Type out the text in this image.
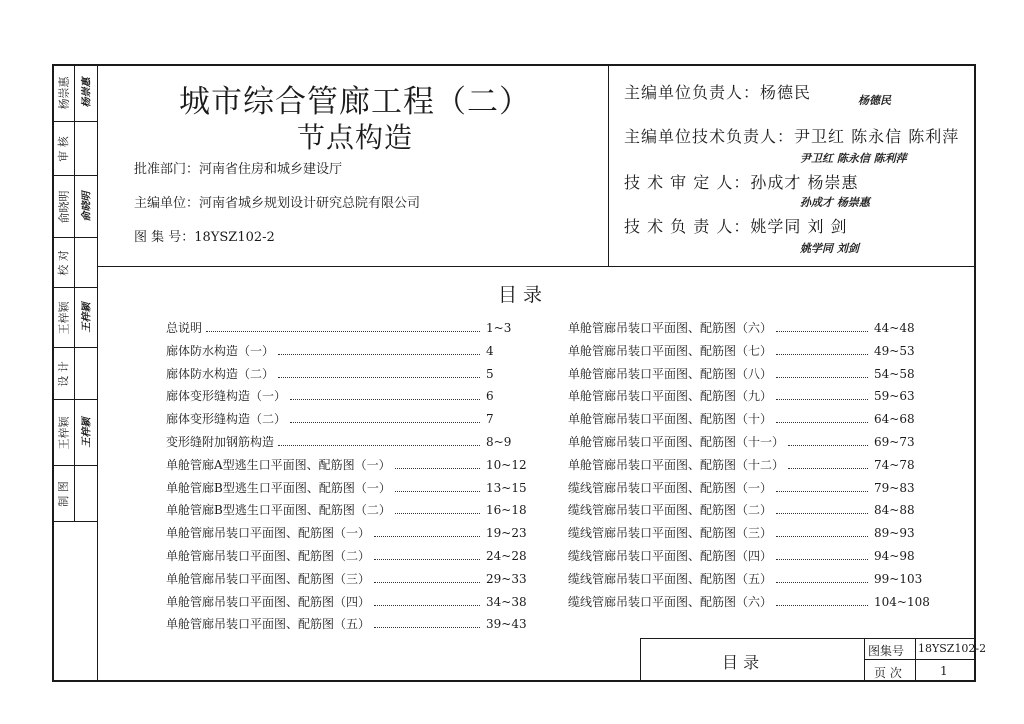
杨崇惠	杨崇惠
审 核
俞晓明	俞晓明
校 对
王梓颖	王梓颖
设 计
王梓颖	王梓颖
制 图
城市综合管廊工程（二）
节点构造
批准部门：河南省住房和城乡建设厅
主编单位：河南省城乡规划设计研究总院有限公司
图 集 号：18YSZ102-2
主编单位负责人：杨德民	杨德民
主编单位技术负责人：尹卫红 陈永信 陈利萍
尹卫红 陈永信 陈利萍
技 术 审 定 人：孙成才 杨崇惠
孙成才 杨崇惠
技 术 负 责 人：姚学同 刘 剑
姚学同 刘剑
目 录
总说明	1~3
廊体防水构造（一）	4
廊体防水构造（二）	5
廊体变形缝构造（一）	6
廊体变形缝构造（二）	7
变形缝附加钢筋构造	8~9
单舱管廊A型逃生口平面图、配筋图（一）	10~12
单舱管廊B型逃生口平面图、配筋图（一）	13~15
单舱管廊B型逃生口平面图、配筋图（二）	16~18
单舱管廊吊装口平面图、配筋图（一）	19~23
单舱管廊吊装口平面图、配筋图（二）	24~28
单舱管廊吊装口平面图、配筋图（三）	29~33
单舱管廊吊装口平面图、配筋图（四）	34~38
单舱管廊吊装口平面图、配筋图（五）	39~43
单舱管廊吊装口平面图、配筋图（六）	44~48
单舱管廊吊装口平面图、配筋图（七）	49~53
单舱管廊吊装口平面图、配筋图（八）	54~58
单舱管廊吊装口平面图、配筋图（九）	59~63
单舱管廊吊装口平面图、配筋图（十）	64~68
单舱管廊吊装口平面图、配筋图（十一）	69~73
单舱管廊吊装口平面图、配筋图（十二）	74~78
缆线管廊吊装口平面图、配筋图（一）	79~83
缆线管廊吊装口平面图、配筋图（二）	84~88
缆线管廊吊装口平面图、配筋图（三）	89~93
缆线管廊吊装口平面图、配筋图（四）	94~98
缆线管廊吊装口平面图、配筋图（五）	99~103
缆线管廊吊装口平面图、配筋图（六）	104~108
目 录
图集号 18YSZ102-2
页 次	1
